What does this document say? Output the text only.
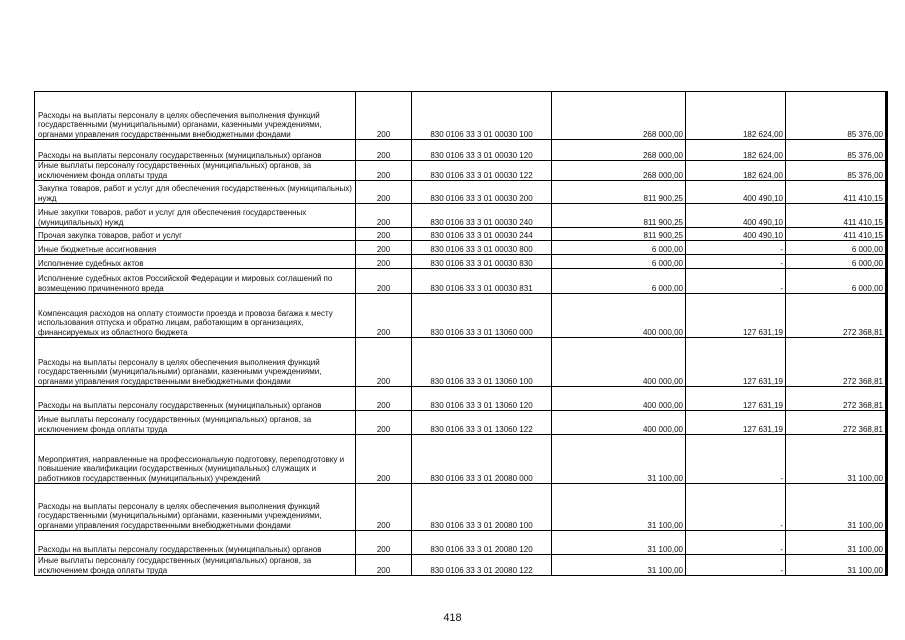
Расходы на выплаты персоналу в целях обеспечения выполнения функций государственными (муниципальными) органами, казенными учреждениями, органами управления государственными внебюджетными фондами	200	830 0106 33 3 01 00030 100	268 000,00	182 624,00	85 376,00
Расходы на выплаты персоналу государственных (муниципальных) органов	200	830 0106 33 3 01 00030 120	268 000,00	182 624,00	85 376,00
Иные выплаты персоналу государственных (муниципальных) органов, за исключением фонда оплаты труда	200	830 0106 33 3 01 00030 122	268 000,00	182 624,00	85 376,00
Закупка товаров, работ и услуг для обеспечения государственных (муниципальных) нужд	200	830 0106 33 3 01 00030 200	811 900,25	400 490,10	411 410,15
Иные закупки товаров, работ и услуг для обеспечения государственных (муниципальных) нужд	200	830 0106 33 3 01 00030 240	811 900,25	400 490,10	411 410,15
Прочая закупка товаров, работ и услуг	200	830 0106 33 3 01 00030 244	811 900,25	400 490,10	411 410,15
Иные бюджетные ассигнования	200	830 0106 33 3 01 00030 800	6 000,00	-	6 000,00
Исполнение судебных актов	200	830 0106 33 3 01 00030 830	6 000,00	-	6 000,00
Исполнение судебных актов Российской Федерации и мировых соглашений по возмещению причиненного вреда	200	830 0106 33 3 01 00030 831	6 000,00	-	6 000,00
Компенсация расходов на оплату стоимости проезда и провоза багажа к месту использования отпуска и обратно лицам, работающим в организациях, финансируемых из областного бюджета	200	830 0106 33 3 01 13060 000	400 000,00	127 631,19	272 368,81
Расходы на выплаты персоналу в целях обеспечения выполнения функций государственными (муниципальными) органами, казенными учреждениями, органами управления государственными внебюджетными фондами	200	830 0106 33 3 01 13060 100	400 000,00	127 631,19	272 368,81
Расходы на выплаты персоналу государственных (муниципальных) органов	200	830 0106 33 3 01 13060 120	400 000,00	127 631,19	272 368,81
Иные выплаты персоналу государственных (муниципальных) органов, за исключением фонда оплаты труда	200	830 0106 33 3 01 13060 122	400 000,00	127 631,19	272 368,81
Мероприятия, направленные на профессиональную подготовку, переподготовку и повышение квалификации государственных (муниципальных) служащих и работников государственных (муниципальных) учреждений	200	830 0106 33 3 01 20080 000	31 100,00	-	31 100,00
Расходы на выплаты персоналу в целях обеспечения выполнения функций государственными (муниципальными) органами, казенными учреждениями, органами управления государственными внебюджетными фондами	200	830 0106 33 3 01 20080 100	31 100,00	-	31 100,00
Расходы на выплаты персоналу государственных (муниципальных) органов	200	830 0106 33 3 01 20080 120	31 100,00	-	31 100,00
Иные выплаты персоналу государственных (муниципальных) органов, за исключением фонда оплаты труда	200	830 0106 33 3 01 20080 122	31 100,00	-	31 100,00
418
